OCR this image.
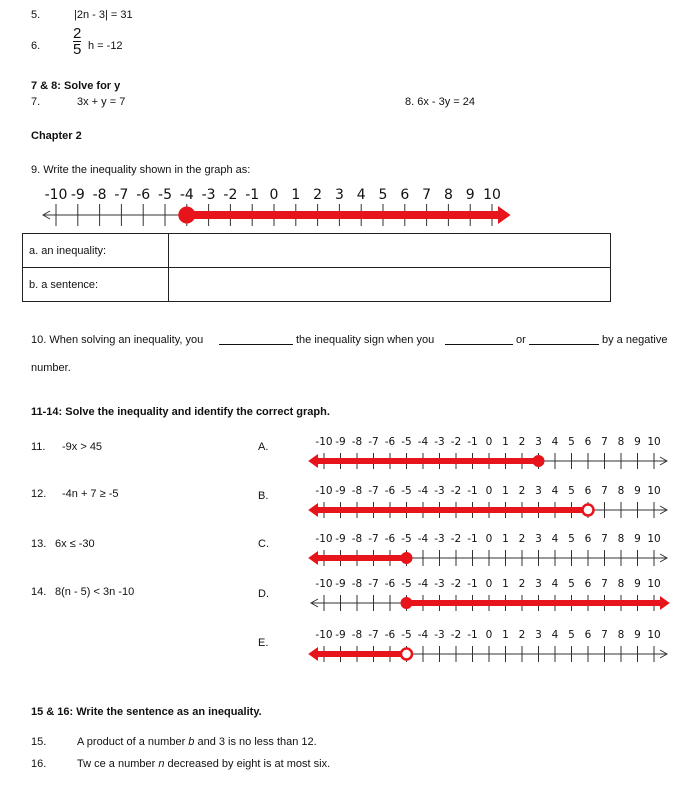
5.	|2n - 3| = 31
6. $\frac{2}{5}$ h = -12
7 & 8: Solve for y
7.	3x + y = 7	8. 6x - 3y = 24
Chapter 2
9. Write the inequality shown in the graph as:
-10 -9 -8 -7 -6 -5 -4 -3 -2 -1 0 1 2 3 4 5 6 7 8 9 10
a. an inequality:	
b. a sentence:	
10. When solving an inequality, you	the inequality sign when you	or	by a negative
number.
11-14: Solve the inequality and identify the correct graph.
11. -9x > 45
12. -4n + 7 ≥ -5
13. 6x ≤ -30
14. 8(n - 5) < 3n -10
A.
B.
C.
D.
E.
-10 -9 -8 -7 -6 -5 -4 -3 -2 -1 0 1 2 3 4 5 6 7 8 9 10
-10 -9 -8 -7 -6 -5 -4 -3 -2 -1 0 1 2 3 4 5 6 7 8 9 10
-10 -9 -8 -7 -6 -5 -4 -3 -2 -1 0 1 2 3 4 5 6 7 8 9 10
-10 -9 -8 -7 -6 -5 -4 -3 -2 -1 0 1 2 3 4 5 6 7 8 9 10
-10 -9 -8 -7 -6 -5 -4 -3 -2 -1 0 1 2 3 4 5 6 7 8 9 10
15 & 16: Write the sentence as an inequality.
15.	A product of a number b and 3 is no less than 12.
16.	Tw ce a number n decreased by eight is at most six.
